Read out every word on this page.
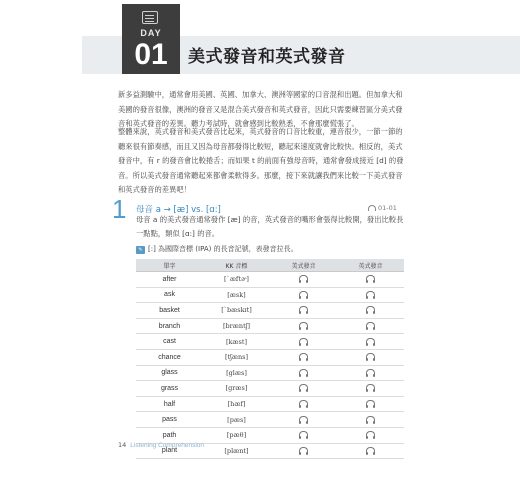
DAY
01	美式發音和英式發音

新多益測驗中，通常會用美國、英國、加拿大、澳洲等國家的口音混和出題。但加拿大和美國的發音很像，澳洲的發音又是混合美式發音和英式發音，因此只需要練習區分美式發音和英式發音的差異。聽力考試時，就會感到比較熟悉，不會那麼慌張了。

整體來說，英式發音和美式發音比起來，英式發音的口音比較重，連音很少，一節一節的聽來很有節奏感，而且又因為母音都發得比較短，聽起來速度就會比較快。相反的，美式發音中，有 r 的發音會比較捲舌；而如果 t 的前面有強母音時，通常會發成接近 [d] 的發音。所以美式發音通常聽起來都會柔軟得多。那麼，接下來就讓我們來比較一下美式發音和英式發音的差異吧！

1 母音 a → [æ] vs. [ɑ:]	01-01

母音 a 的美式發音通常發作 [æ] 的音，英式發音的嘴形會張得比較開，發出比較長一點點，類似 [ɑ:] 的音。

✎ [:] 為國際音標 (IPA) 的長音記號，表發音拉長。
單字	KK 音標	美式發音	英式發音
after	[ˋæftɚ]		
ask	[æsk]		
basket	[ˋbæskɪt]		
branch	[bræntʃ]		
cast	[kæst]		
chance	[tʃæns]		
glass	[glæs]		
grass	[græs]		
half	[hæf]		
pass	[pæs]		
path	[pæθ]		
plant	[plænt]		
14 Listening Comprehension
